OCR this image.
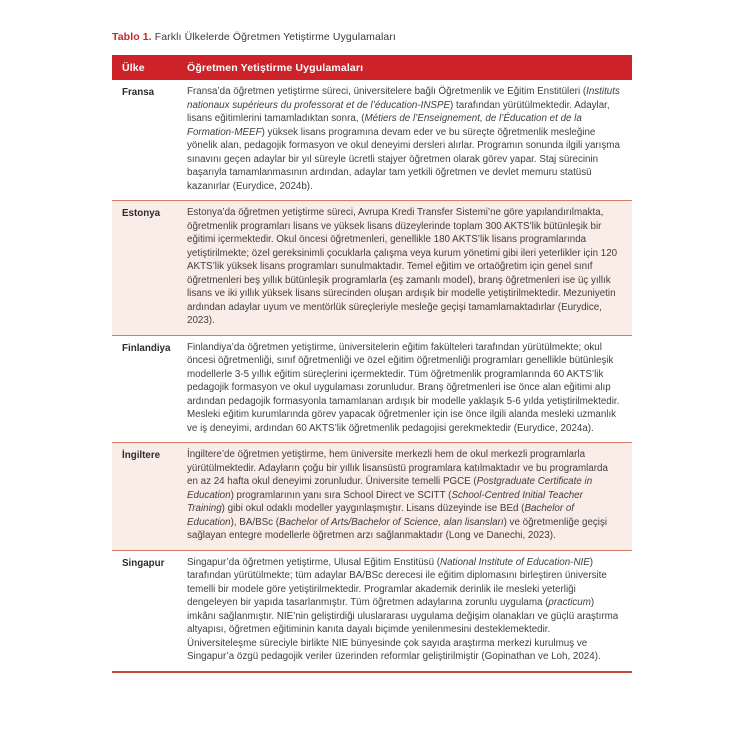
Tablo 1. Farklı Ülkelerde Öğretmen Yetiştirme Uygulamaları
Ülke	Öğretmen Yetiştirme Uygulamaları
Fransa	Fransa’da öğretmen yetiştirme süreci, üniversitelere bağlı Öğretmenlik ve Eğitim Enstitüleri (Instituts nationaux supérieurs du professorat et de l’éducation-INSPE) tarafından yürütülmektedir. Adaylar, lisans eğitimlerini tamamladıktan sonra, (Métiers de l’Enseignement, de l’Éducation et de la Formation-MEEF) yüksek lisans programına devam eder ve bu süreçte öğretmenlik mesleğine yönelik alan, pedagojik formasyon ve okul deneyimi dersleri alırlar. Programın sonunda ilgili yarışma sınavını geçen adaylar bir yıl süreyle ücretli stajyer öğretmen olarak görev yapar. Staj sürecinin başarıyla tamamlanmasının ardından, adaylar tam yetkili öğretmen ve devlet memuru statüsü kazanırlar (Eurydice, 2024b).
Estonya	Estonya’da öğretmen yetiştirme süreci, Avrupa Kredi Transfer Sistemi’ne göre yapılandırılmakta, öğretmenlik programları lisans ve yüksek lisans düzeylerinde toplam 300 AKTS’lik bütünleşik bir eğitimi içermektedir. Okul öncesi öğretmenleri, genellikle 180 AKTS’lik lisans programlarında yetiştirilmekte; özel gereksinimli çocuklarla çalışma veya kurum yönetimi gibi ileri yeterlikler için 120 AKTS’lik yüksek lisans programları sunulmaktadır. Temel eğitim ve ortaöğretim için genel sınıf öğretmenleri beş yıllık bütünleşik programlarla (eş zamanlı model), branş öğretmenleri ise üç yıllık lisans ve iki yıllık yüksek lisans sürecinden oluşan ardışık bir modelle yetiştirilmektedir. Mezuniyetin ardından adaylar uyum ve mentörlük süreçleriyle mesleğe geçişi tamamlamaktadırlar (Eurydice, 2023).
Finlandiya	Finlandiya’da öğretmen yetiştirme, üniversitelerin eğitim fakülteleri tarafından yürütülmekte; okul öncesi öğretmenliği, sınıf öğretmenliği ve özel eğitim öğretmenliği programları genellikle bütünleşik modellerle 3-5 yıllık eğitim süreçlerini içermektedir. Tüm öğretmenlik programlarında 60 AKTS’lik pedagojik formasyon ve okul uygulaması zorunludur. Branş öğretmenleri ise önce alan eğitimi alıp ardından pedagojik formasyonla tamamlanan ardışık bir modelle yaklaşık 5-6 yılda yetiştirilmektedir. Mesleki eğitim kurumlarında görev yapacak öğretmenler için ise önce ilgili alanda mesleki uzmanlık ve iş deneyimi, ardından 60 AKTS’lik öğretmenlik pedagojisi gerekmektedir (Eurydice, 2024a).
İngiltere	İngiltere’de öğretmen yetiştirme, hem üniversite merkezli hem de okul merkezli programlarla yürütülmektedir. Adayların çoğu bir yıllık lisansüstü programlara katılmaktadır ve bu programlarda en az 24 hafta okul deneyimi zorunludur. Üniversite temelli PGCE (Postgraduate Certificate in Education) programlarının yanı sıra School Direct ve SCITT (School-Centred Initial Teacher Training) gibi okul odaklı modeller yaygınlaşmıştır. Lisans düzeyinde ise BEd (Bachelor of Education), BA/BSc (Bachelor of Arts/Bachelor of Science, alan lisansları) ve öğretmenliğe geçişi sağlayan entegre modellerle öğretmen arzı sağlanmaktadır (Long ve Danechi, 2023).
Singapur	Singapur’da öğretmen yetiştirme, Ulusal Eğitim Enstitüsü (National Institute of Education-NIE) tarafından yürütülmekte; tüm adaylar BA/BSc derecesi ile eğitim diplomasını birleştiren üniversite temelli bir modele göre yetiştirilmektedir. Programlar akademik derinlik ile mesleki yeterliği dengeleyen bir yapıda tasarlanmıştır. Tüm öğretmen adaylarına zorunlu uygulama (practicum) imkânı sağlanmıştır. NIE’nin geliştirdiği uluslararası uygulama değişim olanakları ve güçlü araştırma altyapısı, öğretmen eğitiminin kanıta dayalı biçimde yenilenmesini desteklemektedir. Üniversiteleşme süreciyle birlikte NIE bünyesinde çok sayıda araştırma merkezi kurulmuş ve Singapur’a özgü pedagojik veriler üzerinden reformlar geliştirilmiştir (Gopinathan ve Loh, 2024).
